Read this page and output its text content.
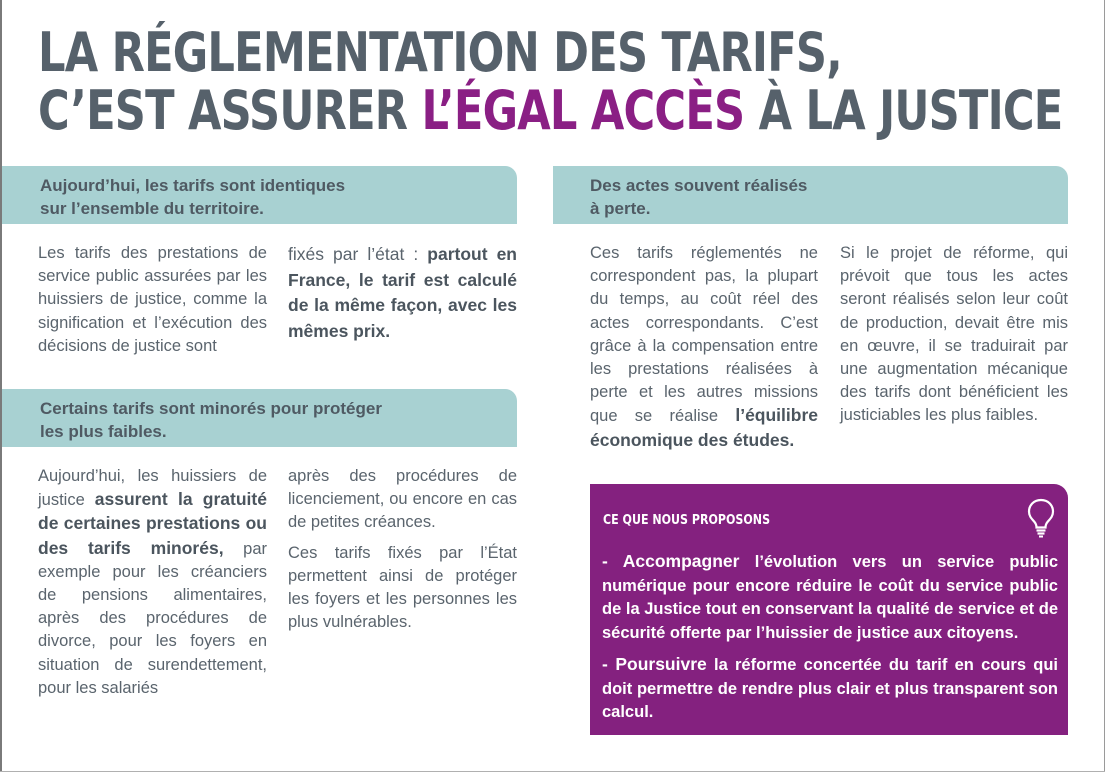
LA RÉGLEMENTATION DES TARIFS,
C’EST ASSURER L’ÉGAL ACCÈS À LA JUSTICE
Aujourd’hui, les tarifs sont identiques
sur l’ensemble du territoire.
Les tarifs des prestations de service public assurées par les huissiers de justice, comme la signification et l’exécution des décisions de justice sont
fixés par l’état : partout en France, le tarif est calculé de la même façon, avec les mêmes prix.
Des actes souvent réalisés
à perte.
Ces tarifs réglementés ne correspondent pas, la plupart du temps, au coût réel des actes correspondants. C’est grâce à la compensation entre les prestations réalisées à perte et les autres missions que se réalise l’équilibre économique des études.
Si le projet de réforme, qui prévoit que tous les actes seront réalisés selon leur coût de production, devait être mis en œuvre, il se traduirait par une augmentation mécanique des tarifs dont bénéficient les justiciables les plus faibles.
Certains tarifs sont minorés pour protéger
les plus faibles.
Aujourd’hui, les huissiers de justice assurent la gratuité de certaines prestations ou des tarifs minorés, par exemple pour les créanciers de pensions alimentaires, après des procédures de divorce, pour les foyers en situation de surendettement, pour les salariés

après des procédures de licenciement, ou encore en cas de petites créances.

Ces tarifs fixés par l’État permettent ainsi de protéger les foyers et les personnes les plus vulnérables.

CE QUE NOUS PROPOSONS
- Accompagner l’évolution vers un service public numérique pour encore réduire le coût du service public de la Justice tout en conservant la qualité de service et de sécurité offerte par l’huissier de justice aux citoyens.
- Poursuivre la réforme concertée du tarif en cours qui doit permettre de rendre plus clair et plus transparent son calcul.
